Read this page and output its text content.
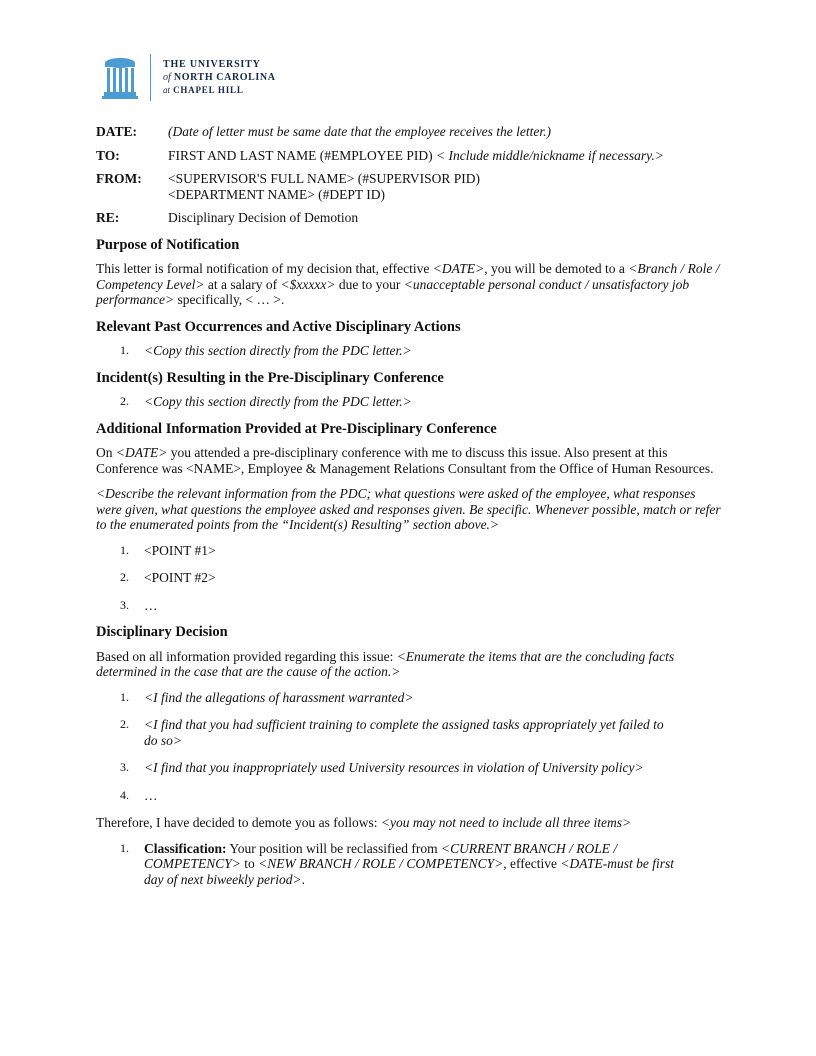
THE UNIVERSITY
of NORTH CAROLINA
at CHAPEL HILL
DATE:	(Date of letter must be same date that the employee receives the letter.)
TO:	FIRST AND LAST NAME (#EMPLOYEE PID) < Include middle/nickname if necessary.>
FROM:	<SUPERVISOR'S FULL NAME> (#SUPERVISOR PID)
<DEPARTMENT NAME> (#DEPT ID)
RE:	Disciplinary Decision of Demotion
Purpose of Notification

This letter is formal notification of my decision that, effective <DATE>, you will be demoted to a <Branch / Role / Competency Level> at a salary of <$xxxxx> due to your <unacceptable personal conduct / unsatisfactory job performance> specifically, < … >.

Relevant Past Occurrences and Active Disciplinary Actions
1.	<Copy this section directly from the PDC letter.>
Incident(s) Resulting in the Pre-Disciplinary Conference
2.	<Copy this section directly from the PDC letter.>
Additional Information Provided at Pre-Disciplinary Conference

On <DATE> you attended a pre-disciplinary conference with me to discuss this issue. Also present at this Conference was <NAME>, Employee & Management Relations Consultant from the Office of Human Resources.

<Describe the relevant information from the PDC; what questions were asked of the employee, what responses were given, what questions the employee asked and responses given. Be specific. Whenever possible, match or refer to the enumerated points from the “Incident(s) Resulting” section above.>

1.	<POINT #1>
2.	<POINT #2>
3.	…
Disciplinary Decision

Based on all information provided regarding this issue: <Enumerate the items that are the concluding facts determined in the case that are the cause of the action.>

1.	<I find the allegations of harassment warranted>
2.	<I find that you had sufficient training to complete the assigned tasks appropriately yet failed to do so>
3.	<I find that you inappropriately used University resources in violation of University policy>
4.	…

Therefore, I have decided to demote you as follows: <you may not need to include all three items>

1.	Classification: Your position will be reclassified from <CURRENT BRANCH / ROLE / COMPETENCY> to <NEW BRANCH / ROLE / COMPETENCY>, effective <DATE-must be first day of next biweekly period>.
